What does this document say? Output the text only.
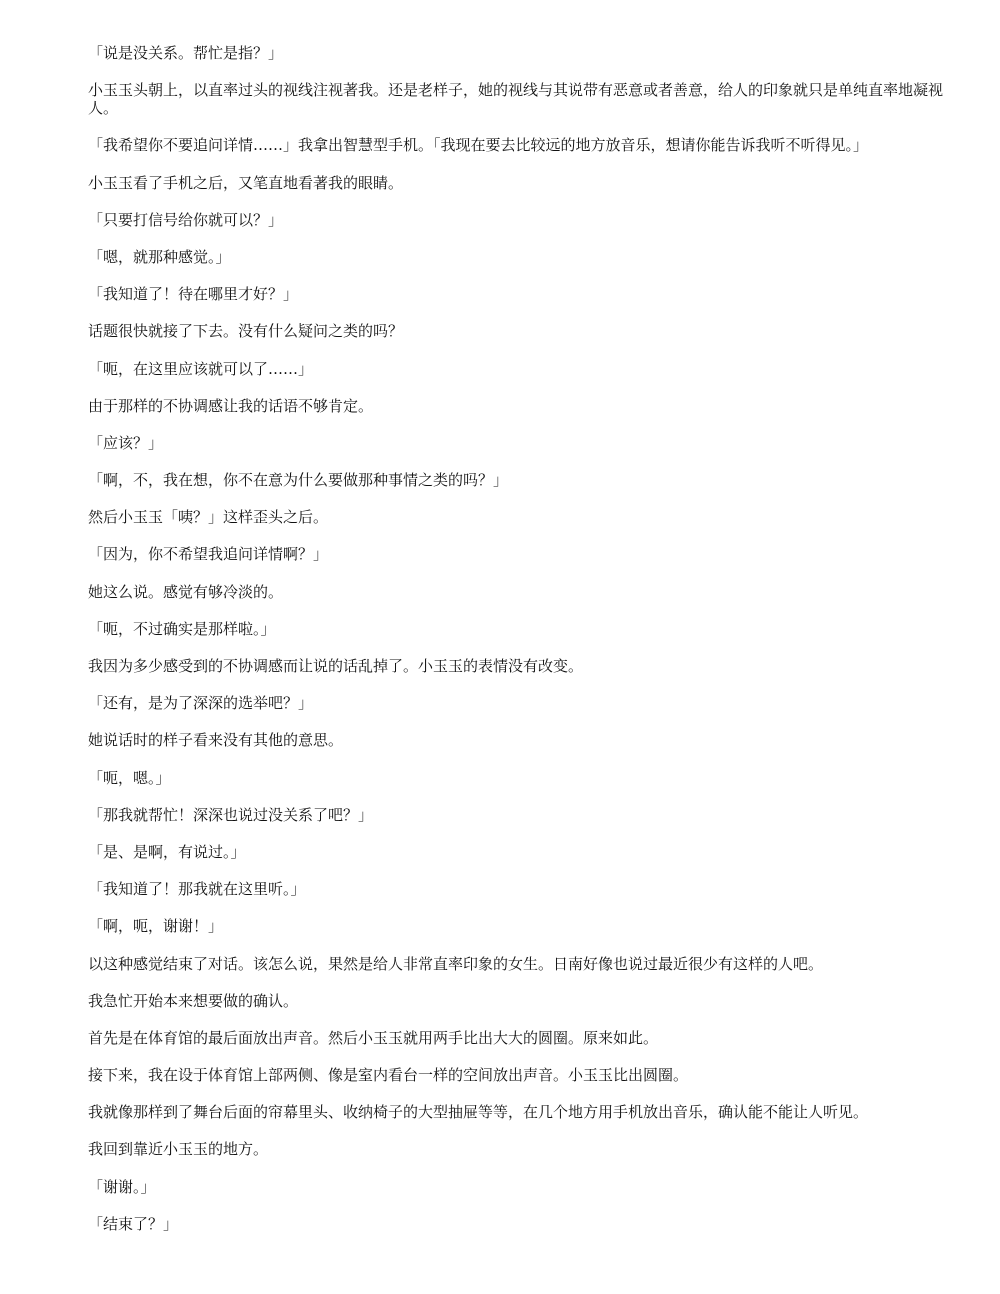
「说是没关系。帮忙是指？」

小玉玉头朝上，以直率过头的视线注视著我。还是老样子，她的视线与其说带有恶意或者善意，给人的印象就只是单纯直率地凝视人。

「我希望你不要追问详情……」我拿出智慧型手机。「我现在要去比较远的地方放音乐，想请你能告诉我听不听得见。」

小玉玉看了手机之后，又笔直地看著我的眼睛。

「只要打信号给你就可以？」

「嗯，就那种感觉。」

「我知道了！待在哪里才好？」

话题很快就接了下去。没有什么疑问之类的吗？

「呃，在这里应该就可以了……」

由于那样的不协调感让我的话语不够肯定。

「应该？」

「啊，不，我在想，你不在意为什么要做那种事情之类的吗？」

然后小玉玉「咦？」这样歪头之后。

「因为，你不希望我追问详情啊？」

她这么说。感觉有够冷淡的。

「呃，不过确实是那样啦。」

我因为多少感受到的不协调感而让说的话乱掉了。小玉玉的表情没有改变。

「还有，是为了深深的选举吧？」

她说话时的样子看来没有其他的意思。

「呃，嗯。」

「那我就帮忙！深深也说过没关系了吧？」

「是、是啊，有说过。」

「我知道了！那我就在这里听。」

「啊，呃，谢谢！」

以这种感觉结束了对话。该怎么说，果然是给人非常直率印象的女生。日南好像也说过最近很少有这样的人吧。

我急忙开始本来想要做的确认。

首先是在体育馆的最后面放出声音。然后小玉玉就用两手比出大大的圆圈。原来如此。

接下来，我在设于体育馆上部两侧、像是室内看台一样的空间放出声音。小玉玉比出圆圈。

我就像那样到了舞台后面的帘幕里头、收纳椅子的大型抽屉等等，在几个地方用手机放出音乐，确认能不能让人听见。

我回到靠近小玉玉的地方。

「谢谢。」

「结束了？」
